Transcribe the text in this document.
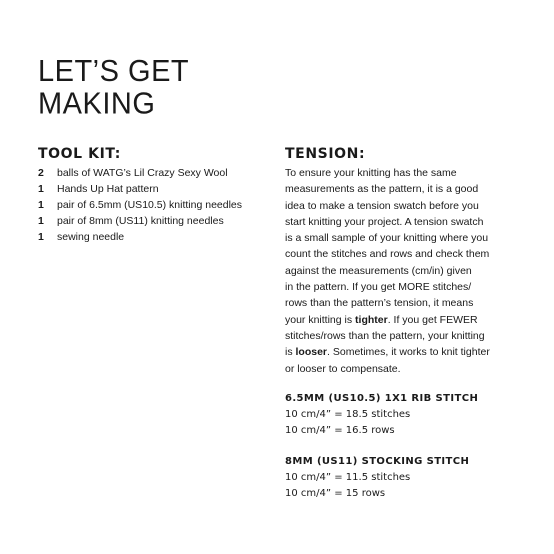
LET’S GET
MAKING
TOOL KIT:
2	balls of WATG’s Lil Crazy Sexy Wool
1	Hands Up Hat pattern
1	pair of 6.5mm (US10.5) knitting needles
1	pair of 8mm (US11) knitting needles
1	sewing needle
TENSION:

To ensure your knitting has the same
measurements as the pattern, it is a good
idea to make a tension swatch before you
start knitting your project. A tension swatch
is a small sample of your knitting where you
count the stitches and rows and check them
against the measurements (cm/in) given
in the pattern. If you get MORE stitches/
rows than the pattern’s tension, it means
your knitting is tighter. If you get FEWER
stitches/rows than the pattern, your knitting
is looser. Sometimes, it works to knit tighter
or looser to compensate.

6.5MM (US10.5) 1X1 RIB STITCH
10 cm/4” = 18.5 stitches
10 cm/4” = 16.5 rows
8MM (US11) STOCKING STITCH
10 cm/4” = 11.5 stitches
10 cm/4” = 15 rows
